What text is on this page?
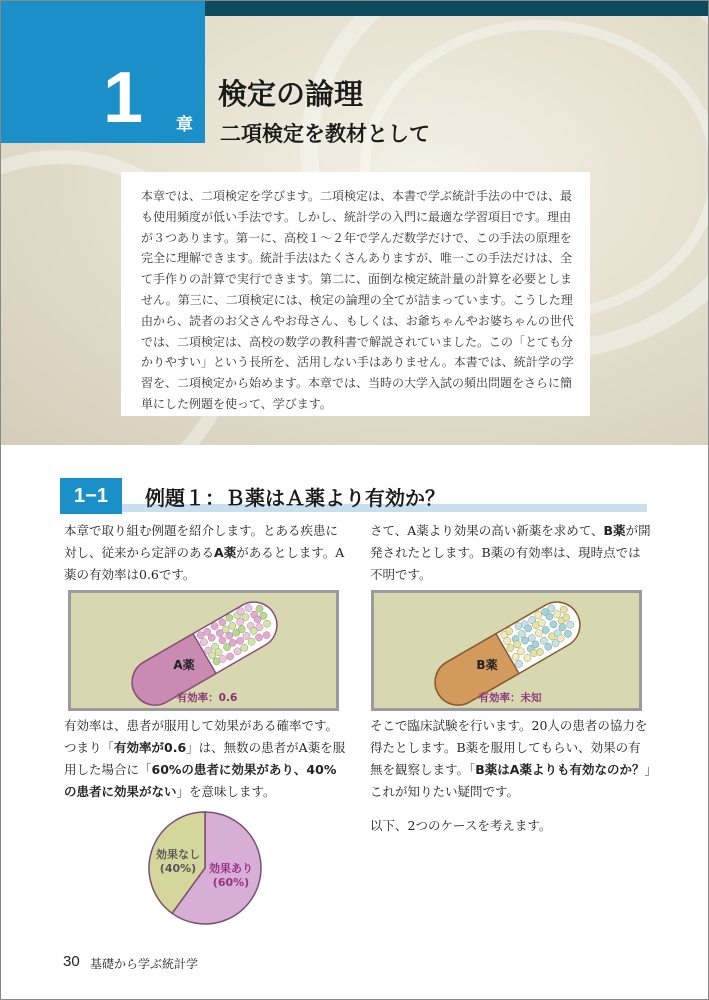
1 章
検定の論理
二項検定を教材として
本章では、二項検定を学びます。二項検定は、本書で学ぶ統計手法の中では、最も使用頻度が低い手法です。しかし、統計学の入門に最適な学習項目です。理由が３つあります。第一に、高校１～２年で学んだ数学だけで、この手法の原理を完全に理解できます。統計手法はたくさんありますが、唯一この手法だけは、全て手作りの計算で実行できます。第二に、面倒な検定統計量の計算を必要としません。第三に、二項検定には、検定の論理の全てが詰まっています。こうした理由から、読者のお父さんやお母さん、もしくは、お爺ちゃんやお婆ちゃんの世代では、二項検定は、高校の数学の教科書で解説されていました。この「とても分かりやすい」という長所を、活用しない手はありません。本書では、統計学の学習を、二項検定から始めます。本章では、当時の大学入試の頻出問題をさらに簡単にした例題を使って、学びます。
1−1	例題１：Ｂ薬はＡ薬より有効か？

本章で取り組む例題を紹介します。とある疾患に対し、従来から定評のあるA薬があるとします。A薬の有効率は0.6です。

A薬
有効率：0.6

有効率は、患者が服用して効果がある確率です。つまり「有効率が0.6」は、無数の患者がA薬を服用した場合に「60%の患者に効果があり、40%の患者に効果がない」を意味します。

効果あり
(60%)
効果なし
(40%)

さて、A薬より効果の高い新薬を求めて、B薬が開発されたとします。B薬の有効率は、現時点では不明です。

B薬
有効率：未知

そこで臨床試験を行います。20人の患者の協力を得たとします。B薬を服用してもらい、効果の有無を観察します。「B薬はA薬よりも有効なのか？」これが知りたい疑問です。

以下、2つのケースを考えます。

30 基礎から学ぶ統計学
